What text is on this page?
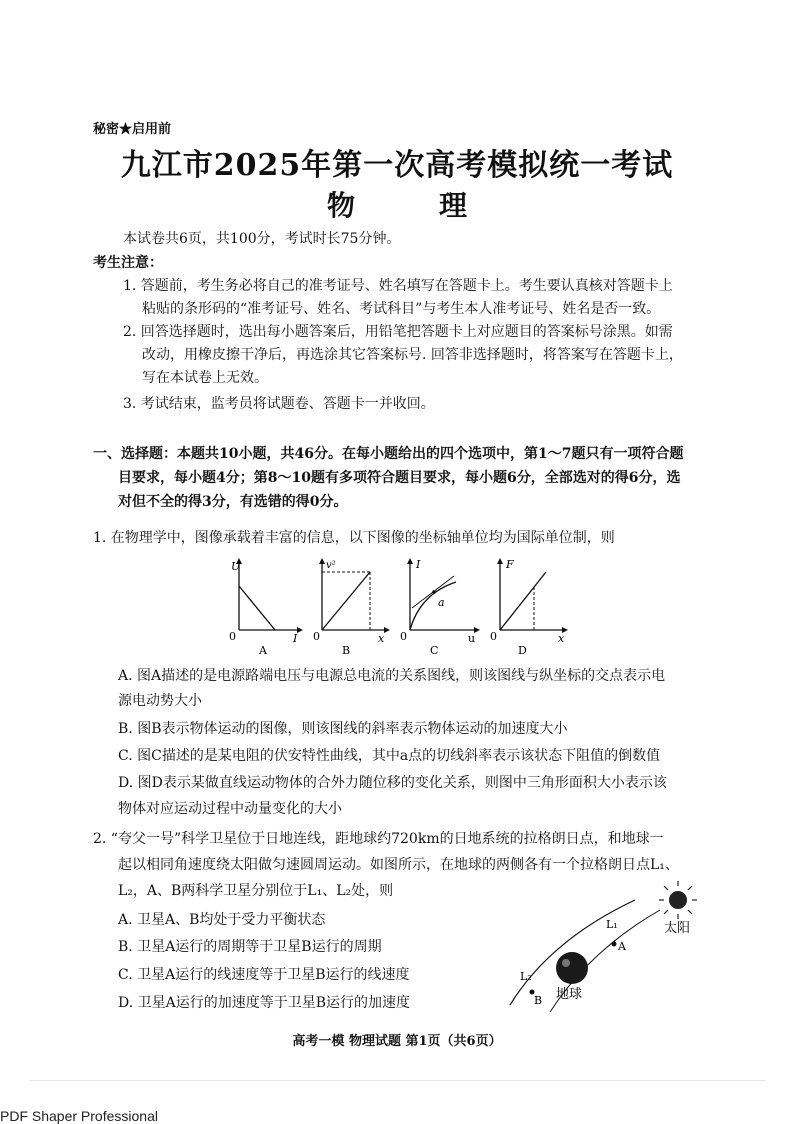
秘密★启用前
九江市2025年第一次高考模拟统一考试
物	理
本试卷共6页，共100分，考试时长75分钟。
考生注意：
1. 答题前，考生务必将自己的准考证号、姓名填写在答题卡上。考生要认真核对答题卡上
粘贴的条形码的“准考证号、姓名、考试科目”与考生本人准考证号、姓名是否一致。
2. 回答选择题时，选出每小题答案后，用铅笔把答题卡上对应题目的答案标号涂黑。如需
改动，用橡皮擦干净后，再选涂其它答案标号. 回答非选择题时，将答案写在答题卡上，
写在本试卷上无效。
3. 考试结束，监考员将试题卷、答题卡一并收回。
一、选择题：本题共10小题，共46分。在每小题给出的四个选项中，第1～7题只有一项符合题
目要求，每小题4分；第8～10题有多项符合题目要求，每小题6分，全部选对的得6分，选
对但不全的得3分，有选错的得0分。
1. 在物理学中，图像承载着丰富的信息，以下图像的坐标轴单位均为国际单位制，则
U
I
0
A
v²
x
0
B
a
I
u
0
C
F
x
0
D
A. 图A描述的是电源路端电压与电源总电流的关系图线，则该图线与纵坐标的交点表示电
源电动势大小
B. 图B表示物体运动的图像，则该图线的斜率表示物体运动的加速度大小
C. 图C描述的是某电阻的伏安特性曲线，其中a点的切线斜率表示该状态下阻值的倒数值
D. 图D表示某做直线运动物体的合外力随位移的变化关系，则图中三角形面积大小表示该
物体对应运动过程中动量变化的大小
2. “夸父一号”科学卫星位于日地连线，距地球约720km的日地系统的拉格朗日点，和地球一
起以相同角速度绕太阳做匀速圆周运动。如图所示，在地球的两侧各有一个拉格朗日点L₁、
L₂，A、B两科学卫星分别位于L₁、L₂处，则
A. 卫星A、B均处于受力平衡状态
B. 卫星A运行的周期等于卫星B运行的周期
C. 卫星A运行的线速度等于卫星B运行的线速度
D. 卫星A运行的加速度等于卫星B运行的加速度
太阳
地球
A
L₁
B
L₂
高考一模 物理试题 第1页（共6页）
PDF Shaper Professional
